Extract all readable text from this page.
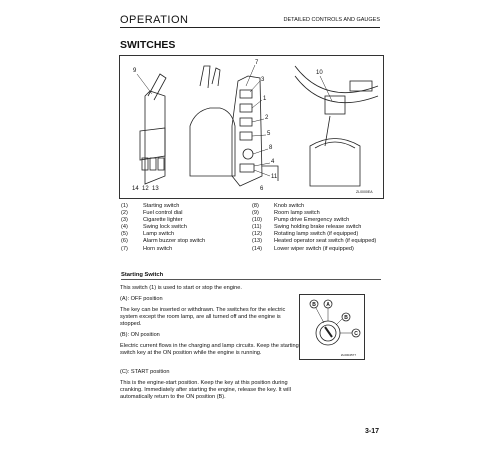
OPERATION	DETAILED CONTROLS AND GAUGES
SWITCHES
9
7
3
1
2
5
8
4
11
14 12 13	6
10
ZL0000EA
(1)	Starting switch	(8)	Knob switch
(2)	Fuel control dial	(9)	Room lamp switch
(3)	Cigarette lighter	(10)	Pump drive Emergency switch
(4)	Swing lock switch	(11)	Swing holding brake release switch
(5)	Lamp switch	(12)	Rotating lamp switch (if equipped)
(6)	Alarm buzzer stop switch	(13)	Heated operator seat switch (if equipped)
(7)	Horn switch	(14)	Lower wiper switch (if equipped)
Starting Switch
This switch (1) is used to start or stop the engine.
(A): OFF position
The key can be inserted or withdrawn. The switches for the electric system except the room lamp, are all turned off and the engine is stopped.
(B): ON position
Electric current flows in the charging and lamp circuits. Keep the starting switch key at the ON position while the engine is running.
(C): START position
This is the engine-start position. Keep the key at this position during cranking. Immediately after starting the engine, release the key. It will automatically return to the ON position (B).
B A
B
C
ZL0004577
3-17
